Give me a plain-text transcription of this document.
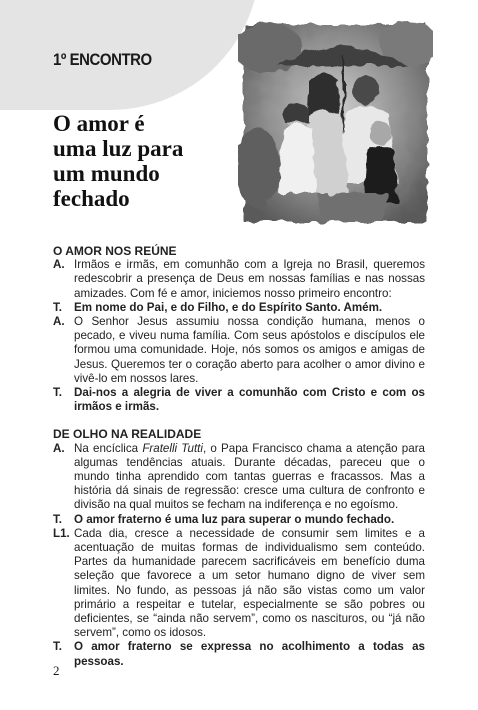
1º ENCONTRO
O amor é
uma luz para
um mundo
fechado
O AMOR NOS REÚNE
A. Irmãos e irmãs, em comunhão com a Igreja no Brasil, queremos redescobrir a presença de Deus em nossas famílias e nas nossas amizades. Com fé e amor, iniciemos nosso primeiro encontro:
T.	Em nome do Pai, e do Filho, e do Espírito Santo. Amém.
A. O Senhor Jesus assumiu nossa condição humana, menos o pecado, e viveu numa família. Com seus apóstolos e discípulos ele formou uma comunidade. Hoje, nós somos os amigos e amigas de Jesus. Queremos ter o coração aberto para acolher o amor divino e vivê-lo em nossos lares.
T.	Dai-nos a alegria de viver a comunhão com Cristo e com os irmãos e irmãs.
DE OLHO NA REALIDADE
A. Na encíclica Fratelli Tutti, o Papa Francisco chama a atenção para algumas tendências atuais. Durante décadas, pareceu que o mundo tinha aprendido com tantas guerras e fracassos. Mas a história dá sinais de regressão: cresce uma cultura de confronto e divisão na qual muitos se fecham na indiferença e no egoísmo.
T.	O amor fraterno é uma luz para superar o mundo fechado.
L1. Cada dia, cresce a necessidade de consumir sem limites e a acentuação de muitas formas de individualismo sem conteúdo. Partes da humanidade parecem sacrificáveis em benefício duma seleção que favorece a um setor humano digno de viver sem limites. No fundo, as pessoas já não são vistas como um valor primário a respeitar e tutelar, especialmente se são pobres ou deficientes, se “ainda não servem”, como os nascituros, ou “já não servem”, como os idosos.
T.	O amor fraterno se expressa no acolhimento a todas as pessoas.
2
